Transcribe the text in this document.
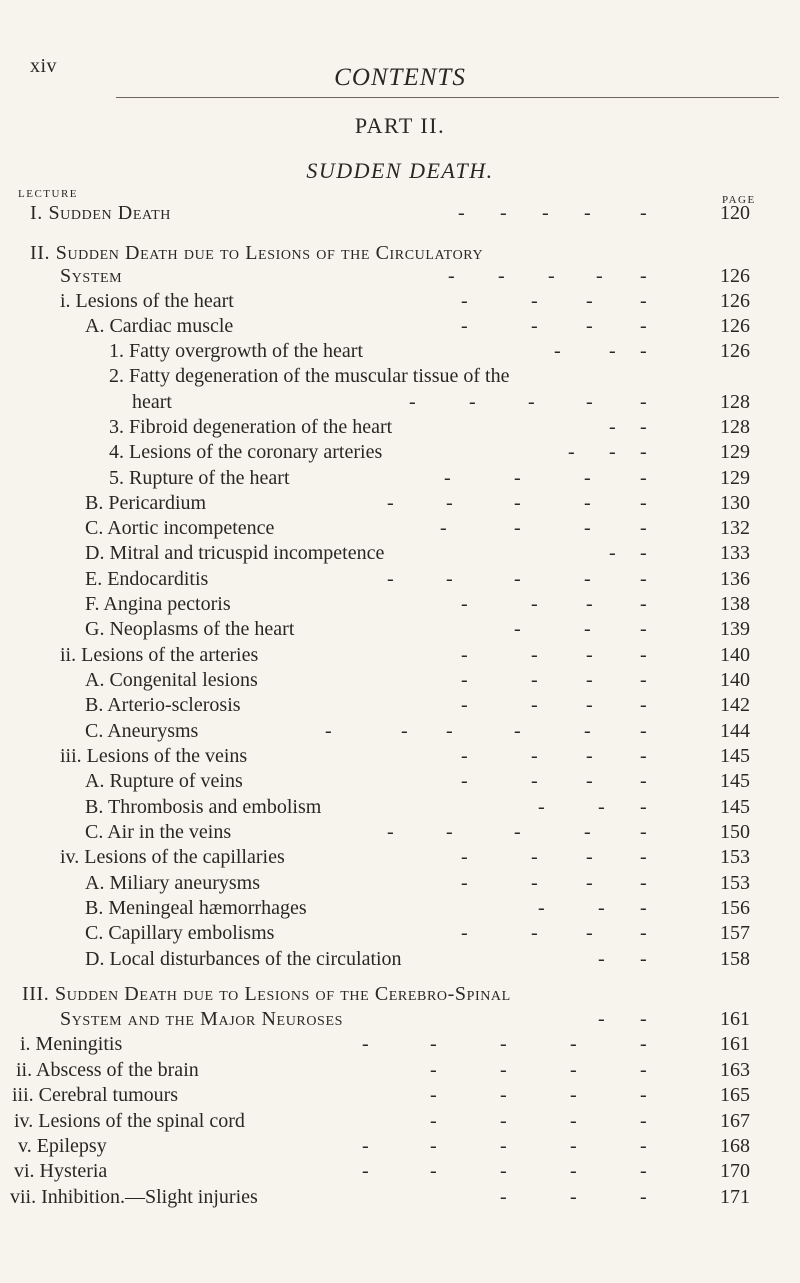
xiv	CONTENTS
PART II.
SUDDEN DEATH.
LECTURE	PAGE
I. Sudden Death	- - - - -	120
II. Sudden Death due to Lesions of the Circulatory
System	- - - - -	126
i. Lesions of the heart	-	- - -	126
A. Cardiac muscle	-	- - -	126
1. Fatty overgrowth of the heart	- - -	126
2. Fatty degeneration of the muscular tissue of the
heart	-	-	-	- -	128
3. Fibroid degeneration of the heart	- -	128
4. Lesions of the coronary arteries	- - -	129
5. Rupture of the heart	-	-	- -	129
B. Pericardium	-	-	-	- -	130
C. Aortic incompetence	-	-	- -	132
D. Mitral and tricuspid incompetence	- -	133
E. Endocarditis	-	-	-	- -	136
F. Angina pectoris	-	- - -	138
G. Neoplasms of the heart	-	- -	139
ii. Lesions of the arteries	-	- - -	140
A. Congenital lesions	-	- - -	140
B. Arterio-sclerosis	-	- - -	142
C. Aneurysms	-	- -	-	- -	144
iii. Lesions of the veins	-	- - -	145
A. Rupture of veins	-	- - -	145
B. Thrombosis and embolism	-	- -	145
C. Air in the veins	-	-	-	- -	150
iv. Lesions of the capillaries	-	- - -	153
A. Miliary aneurysms	-	- - -	153
B. Meningeal hæmorrhages	-	- -	156
C. Capillary embolisms	-	- - -	157
D. Local disturbances of the circulation	- -	158
III. Sudden Death due to Lesions of the Cerebro-Spinal
System and the Major Neuroses	- -	161
i. Meningitis	-	-	-	-	-	161
ii. Abscess of the brain	-	-	-	-	163
iii. Cerebral tumours	-	-	-	-	165
iv. Lesions of the spinal cord	-	-	-	-	167
v. Epilepsy	-	-	-	-	-	168
vi. Hysteria	-	-	-	-	-	170
vii. Inhibition.—Slight injuries	-	-	-	171
